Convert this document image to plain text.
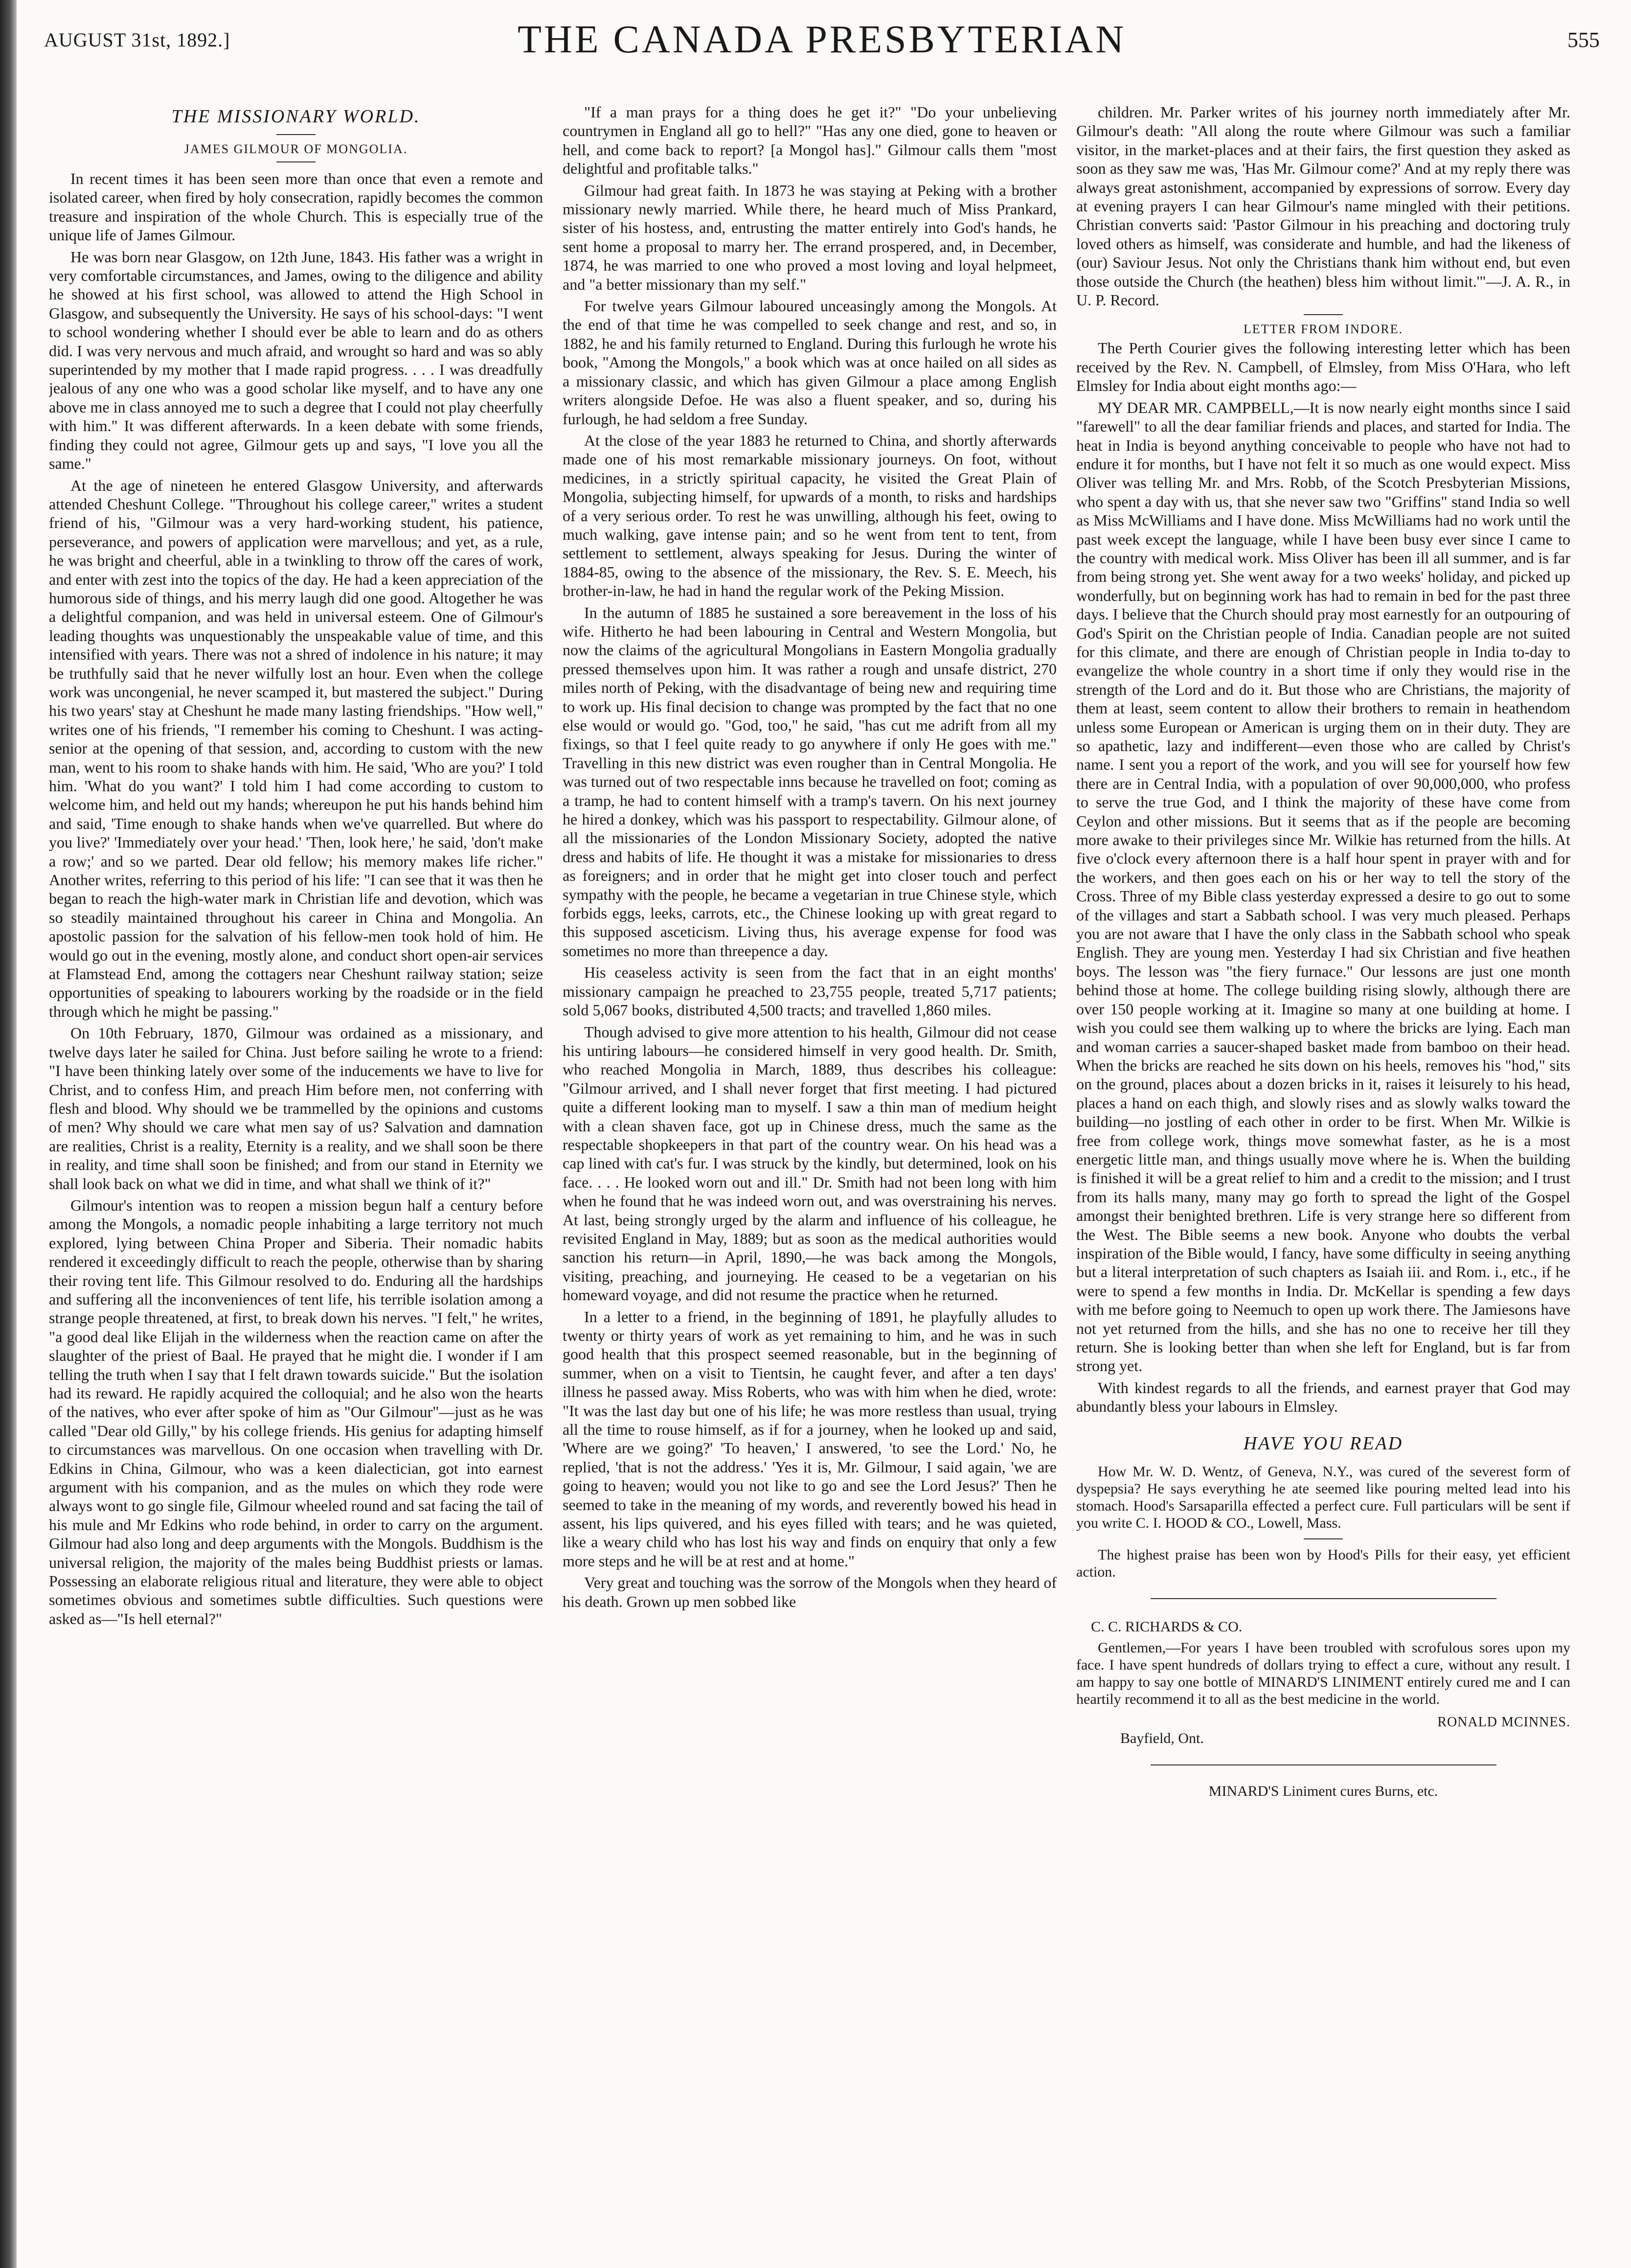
AUGUST 31st, 1892.]	THE CANADA PRESBYTERIAN	555
THE MISSIONARY WORLD.
JAMES GILMOUR OF MONGOLIA.

In recent times it has been seen more than once that even a remote and isolated career, when fired by holy consecration, rapidly becomes the common treasure and inspiration of the whole Church. This is especially true of the unique life of James Gilmour.

He was born near Glasgow, on 12th June, 1843. His father was a wright in very comfortable circumstances, and James, owing to the diligence and ability he showed at his first school, was allowed to attend the High School in Glasgow, and subsequently the University. He says of his school-days: "I went to school wondering whether I should ever be able to learn and do as others did. I was very nervous and much afraid, and wrought so hard and was so ably superintended by my mother that I made rapid progress. . . . I was dreadfully jealous of any one who was a good scholar like myself, and to have any one above me in class annoyed me to such a degree that I could not play cheerfully with him." It was different afterwards. In a keen debate with some friends, finding they could not agree, Gilmour gets up and says, "I love you all the same."

At the age of nineteen he entered Glasgow University, and afterwards attended Cheshunt College. "Throughout his college career," writes a student friend of his, "Gilmour was a very hard-working student, his patience, perseverance, and powers of application were marvellous; and yet, as a rule, he was bright and cheerful, able in a twinkling to throw off the cares of work, and enter with zest into the topics of the day. He had a keen appreciation of the humorous side of things, and his merry laugh did one good. Altogether he was a delightful companion, and was held in universal esteem. One of Gilmour's leading thoughts was unquestionably the unspeakable value of time, and this intensified with years. There was not a shred of indolence in his nature; it may be truthfully said that he never wilfully lost an hour. Even when the college work was uncongenial, he never scamped it, but mastered the subject." During his two years' stay at Cheshunt he made many lasting friendships. "How well," writes one of his friends, "I remember his coming to Cheshunt. I was acting-senior at the opening of that session, and, according to custom with the new man, went to his room to shake hands with him. He said, 'Who are you?' I told him. 'What do you want?' I told him I had come according to custom to welcome him, and held out my hands; whereupon he put his hands behind him and said, 'Time enough to shake hands when we've quarrelled. But where do you live?' 'Immediately over your head.' 'Then, look here,' he said, 'don't make a row;' and so we parted. Dear old fellow; his memory makes life richer." Another writes, referring to this period of his life: "I can see that it was then he began to reach the high-water mark in Christian life and devotion, which was so steadily maintained throughout his career in China and Mongolia. An apostolic passion for the salvation of his fellow-men took hold of him. He would go out in the evening, mostly alone, and conduct short open-air services at Flamstead End, among the cottagers near Cheshunt railway station; seize opportunities of speaking to labourers working by the roadside or in the field through which he might be passing."

On 10th February, 1870, Gilmour was ordained as a missionary, and twelve days later he sailed for China. Just before sailing he wrote to a friend: "I have been thinking lately over some of the inducements we have to live for Christ, and to confess Him, and preach Him before men, not conferring with flesh and blood. Why should we be trammelled by the opinions and customs of men? Why should we care what men say of us? Salvation and damnation are realities, Christ is a reality, Eternity is a reality, and we shall soon be there in reality, and time shall soon be finished; and from our stand in Eternity we shall look back on what we did in time, and what shall we think of it?"

Gilmour's intention was to reopen a mission begun half a century before among the Mongols, a nomadic people inhabiting a large territory not much explored, lying between China Proper and Siberia. Their nomadic habits rendered it exceedingly difficult to reach the people, otherwise than by sharing their roving tent life. This Gilmour resolved to do. Enduring all the hardships and suffering all the inconveniences of tent life, his terrible isolation among a strange people threatened, at first, to break down his nerves. "I felt," he writes, "a good deal like Elijah in the wilderness when the reaction came on after the slaughter of the priest of Baal. He prayed that he might die. I wonder if I am telling the truth when I say that I felt drawn towards suicide." But the isolation had its reward. He rapidly acquired the colloquial; and he also won the hearts of the natives, who ever after spoke of him as "Our Gilmour"—just as he was called "Dear old Gilly," by his college friends. His genius for adapting himself to circumstances was marvellous. On one occasion when travelling with Dr. Edkins in China, Gilmour, who was a keen dialectician, got into earnest argument with his companion, and as the mules on which they rode were always wont to go single file, Gilmour wheeled round and sat facing the tail of his mule and Mr Edkins who rode behind, in order to carry on the argument. Gilmour had also long and deep arguments with the Mongols. Buddhism is the universal religion, the majority of the males being Buddhist priests or lamas. Possessing an elaborate religious ritual and literature, they were able to object sometimes obvious and sometimes subtle difficulties. Such questions were asked as—"Is hell eternal?"

"If a man prays for a thing does he get it?" "Do your unbelieving countrymen in England all go to hell?" "Has any one died, gone to heaven or hell, and come back to report? [a Mongol has]." Gilmour calls them "most delightful and profitable talks."

Gilmour had great faith. In 1873 he was staying at Peking with a brother missionary newly married. While there, he heard much of Miss Prankard, sister of his hostess, and, entrusting the matter entirely into God's hands, he sent home a proposal to marry her. The errand prospered, and, in December, 1874, he was married to one who proved a most loving and loyal helpmeet, and "a better missionary than my self."

For twelve years Gilmour laboured unceasingly among the Mongols. At the end of that time he was compelled to seek change and rest, and so, in 1882, he and his family returned to England. During this furlough he wrote his book, "Among the Mongols," a book which was at once hailed on all sides as a missionary classic, and which has given Gilmour a place among English writers alongside Defoe. He was also a fluent speaker, and so, during his furlough, he had seldom a free Sunday.

At the close of the year 1883 he returned to China, and shortly afterwards made one of his most remarkable missionary journeys. On foot, without medicines, in a strictly spiritual capacity, he visited the Great Plain of Mongolia, subjecting himself, for upwards of a month, to risks and hardships of a very serious order. To rest he was unwilling, although his feet, owing to much walking, gave intense pain; and so he went from tent to tent, from settlement to settlement, always speaking for Jesus. During the winter of 1884-85, owing to the absence of the missionary, the Rev. S. E. Meech, his brother-in-law, he had in hand the regular work of the Peking Mission.

In the autumn of 1885 he sustained a sore bereavement in the loss of his wife. Hitherto he had been labouring in Central and Western Mongolia, but now the claims of the agricultural Mongolians in Eastern Mongolia gradually pressed themselves upon him. It was rather a rough and unsafe district, 270 miles north of Peking, with the disadvantage of being new and requiring time to work up. His final decision to change was prompted by the fact that no one else would or would go. "God, too," he said, "has cut me adrift from all my fixings, so that I feel quite ready to go anywhere if only He goes with me." Travelling in this new district was even rougher than in Central Mongolia. He was turned out of two respectable inns because he travelled on foot; coming as a tramp, he had to content himself with a tramp's tavern. On his next journey he hired a donkey, which was his passport to respectability. Gilmour alone, of all the missionaries of the London Missionary Society, adopted the native dress and habits of life. He thought it was a mistake for missionaries to dress as foreigners; and in order that he might get into closer touch and perfect sympathy with the people, he became a vegetarian in true Chinese style, which forbids eggs, leeks, carrots, etc., the Chinese looking up with great regard to this supposed asceticism. Living thus, his average expense for food was sometimes no more than threepence a day.

His ceaseless activity is seen from the fact that in an eight months' missionary campaign he preached to 23,755 people, treated 5,717 patients; sold 5,067 books, distributed 4,500 tracts; and travelled 1,860 miles.

Though advised to give more attention to his health, Gilmour did not cease his untiring labours—he considered himself in very good health. Dr. Smith, who reached Mongolia in March, 1889, thus describes his colleague: "Gilmour arrived, and I shall never forget that first meeting. I had pictured quite a different looking man to myself. I saw a thin man of medium height with a clean shaven face, got up in Chinese dress, much the same as the respectable shopkeepers in that part of the country wear. On his head was a cap lined with cat's fur. I was struck by the kindly, but determined, look on his face. . . . He looked worn out and ill." Dr. Smith had not been long with him when he found that he was indeed worn out, and was overstraining his nerves. At last, being strongly urged by the alarm and influence of his colleague, he revisited England in May, 1889; but as soon as the medical authorities would sanction his return—in April, 1890,—he was back among the Mongols, visiting, preaching, and journeying. He ceased to be a vegetarian on his homeward voyage, and did not resume the practice when he returned.

In a letter to a friend, in the beginning of 1891, he playfully alludes to twenty or thirty years of work as yet remaining to him, and he was in such good health that this prospect seemed reasonable, but in the beginning of summer, when on a visit to Tientsin, he caught fever, and after a ten days' illness he passed away. Miss Roberts, who was with him when he died, wrote: "It was the last day but one of his life; he was more restless than usual, trying all the time to rouse himself, as if for a journey, when he looked up and said, 'Where are we going?' 'To heaven,' I answered, 'to see the Lord.' No, he replied, 'that is not the address.' 'Yes it is, Mr. Gilmour, I said again, 'we are going to heaven; would you not like to go and see the Lord Jesus?' Then he seemed to take in the meaning of my words, and reverently bowed his head in assent, his lips quivered, and his eyes filled with tears; and he was quieted, like a weary child who has lost his way and finds on enquiry that only a few more steps and he will be at rest and at home."

Very great and touching was the sorrow of the Mongols when they heard of his death. Grown up men sobbed like

children. Mr. Parker writes of his journey north immediately after Mr. Gilmour's death: "All along the route where Gilmour was such a familiar visitor, in the market-places and at their fairs, the first question they asked as soon as they saw me was, 'Has Mr. Gilmour come?' And at my reply there was always great astonishment, accompanied by expressions of sorrow. Every day at evening prayers I can hear Gilmour's name mingled with their petitions. Christian converts said: 'Pastor Gilmour in his preaching and doctoring truly loved others as himself, was considerate and humble, and had the likeness of (our) Saviour Jesus. Not only the Christians thank him without end, but even those outside the Church (the heathen) bless him without limit.'"—J. A. R., in U. P. Record.

LETTER FROM INDORE.

The Perth Courier gives the following interesting letter which has been received by the Rev. N. Campbell, of Elmsley, from Miss O'Hara, who left Elmsley for India about eight months ago:—

MY DEAR MR. CAMPBELL,—It is now nearly eight months since I said "farewell" to all the dear familiar friends and places, and started for India. The heat in India is beyond anything conceivable to people who have not had to endure it for months, but I have not felt it so much as one would expect. Miss Oliver was telling Mr. and Mrs. Robb, of the Scotch Presbyterian Missions, who spent a day with us, that she never saw two "Griffins" stand India so well as Miss McWilliams and I have done. Miss McWilliams had no work until the past week except the language, while I have been busy ever since I came to the country with medical work. Miss Oliver has been ill all summer, and is far from being strong yet. She went away for a two weeks' holiday, and picked up wonderfully, but on beginning work has had to remain in bed for the past three days. I believe that the Church should pray most earnestly for an outpouring of God's Spirit on the Christian people of India. Canadian people are not suited for this climate, and there are enough of Christian people in India to-day to evangelize the whole country in a short time if only they would rise in the strength of the Lord and do it. But those who are Christians, the majority of them at least, seem content to allow their brothers to remain in heathendom unless some European or American is urging them on in their duty. They are so apathetic, lazy and indifferent—even those who are called by Christ's name. I sent you a report of the work, and you will see for yourself how few there are in Central India, with a population of over 90,000,000, who profess to serve the true God, and I think the majority of these have come from Ceylon and other missions. But it seems that as if the people are becoming more awake to their privileges since Mr. Wilkie has returned from the hills. At five o'clock every afternoon there is a half hour spent in prayer with and for the workers, and then goes each on his or her way to tell the story of the Cross. Three of my Bible class yesterday expressed a desire to go out to some of the villages and start a Sabbath school. I was very much pleased. Perhaps you are not aware that I have the only class in the Sabbath school who speak English. They are young men. Yesterday I had six Christian and five heathen boys. The lesson was "the fiery furnace." Our lessons are just one month behind those at home. The college building rising slowly, although there are over 150 people working at it. Imagine so many at one building at home. I wish you could see them walking up to where the bricks are lying. Each man and woman carries a saucer-shaped basket made from bamboo on their head. When the bricks are reached he sits down on his heels, removes his "hod," sits on the ground, places about a dozen bricks in it, raises it leisurely to his head, places a hand on each thigh, and slowly rises and as slowly walks toward the building—no jostling of each other in order to be first. When Mr. Wilkie is free from college work, things move somewhat faster, as he is a most energetic little man, and things usually move where he is. When the building is finished it will be a great relief to him and a credit to the mission; and I trust from its halls many, many may go forth to spread the light of the Gospel amongst their benighted brethren. Life is very strange here so different from the West. The Bible seems a new book. Anyone who doubts the verbal inspiration of the Bible would, I fancy, have some difficulty in seeing anything but a literal interpretation of such chapters as Isaiah iii. and Rom. i., etc., if he were to spend a few months in India. Dr. McKellar is spending a few days with me before going to Neemuch to open up work there. The Jamiesons have not yet returned from the hills, and she has no one to receive her till they return. She is looking better than when she left for England, but is far from strong yet.

With kindest regards to all the friends, and earnest prayer that God may abundantly bless your labours in Elmsley.

HAVE YOU READ
How Mr. W. D. Wentz, of Geneva, N.Y., was cured of the severest form of dyspepsia? He says everything he ate seemed like pouring melted lead into his stomach. Hood's Sarsaparilla effected a perfect cure. Full particulars will be sent if you write C. I. HOOD & CO., Lowell, Mass.
The highest praise has been won by Hood's Pills for their easy, yet efficient action.
C. C. RICHARDS & CO.
Gentlemen,—For years I have been troubled with scrofulous sores upon my face. I have spent hundreds of dollars trying to effect a cure, without any result. I am happy to say one bottle of MINARD'S LINIMENT entirely cured me and I can heartily recommend it to all as the best medicine in the world.
RONALD MCINNES.
Bayfield, Ont.
MINARD'S Liniment cures Burns, etc.
